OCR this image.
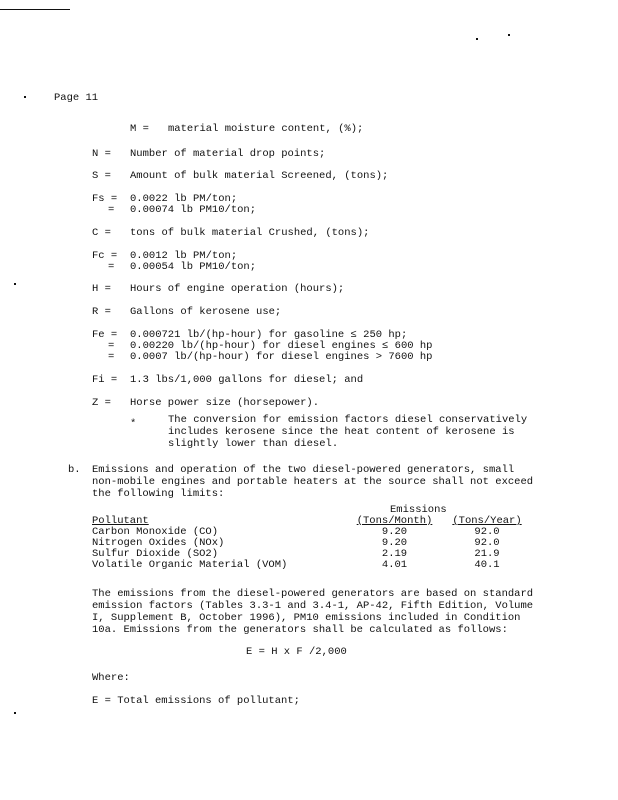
Page 11
M =	material moisture content, (%);
N =	Number of material drop points;
S =	Amount of bulk material Screened, (tons);
Fs =	0.0022 lb PM/ton;
=	0.00074 lb PM10/ton;
C =	tons of bulk material Crushed, (tons);
Fc =	0.0012 lb PM/ton;
=	0.00054 lb PM10/ton;
H =	Hours of engine operation (hours);
R =	Gallons of kerosene use;
Fe =	0.000721 lb/(hp-hour) for gasoline ≤ 250 hp;
=	0.00220 lb/(hp-hour) for diesel engines ≤ 600 hp
=	0.0007 lb/(hp-hour) for diesel engines > 7600 hp
Fi =	1.3 lbs/1,000 gallons for diesel; and
Z =	Horse power size (horsepower).
*	The conversion for emission factors diesel conservatively
includes kerosene since the heat content of kerosene is
slightly lower than diesel.
b. Emissions and operation of the two diesel-powered generators, small
non-mobile engines and portable heaters at the source shall not exceed
the following limits:
Emissions
Pollutant	(Tons/Month)	(Tons/Year)
Carbon Monoxide (CO)	9.20	92.0
Nitrogen Oxides (NOx)	9.20	92.0
Sulfur Dioxide (SO2)	2.19	21.9
Volatile Organic Material (VOM)	4.01	40.1
The emissions from the diesel-powered generators are based on standard
emission factors (Tables 3.3-1 and 3.4-1, AP-42, Fifth Edition, Volume
I, Supplement B, October 1996), PM10 emissions included in Condition
10a. Emissions from the generators shall be calculated as follows:
E = H x F /2,000
Where:
E = Total emissions of pollutant;
